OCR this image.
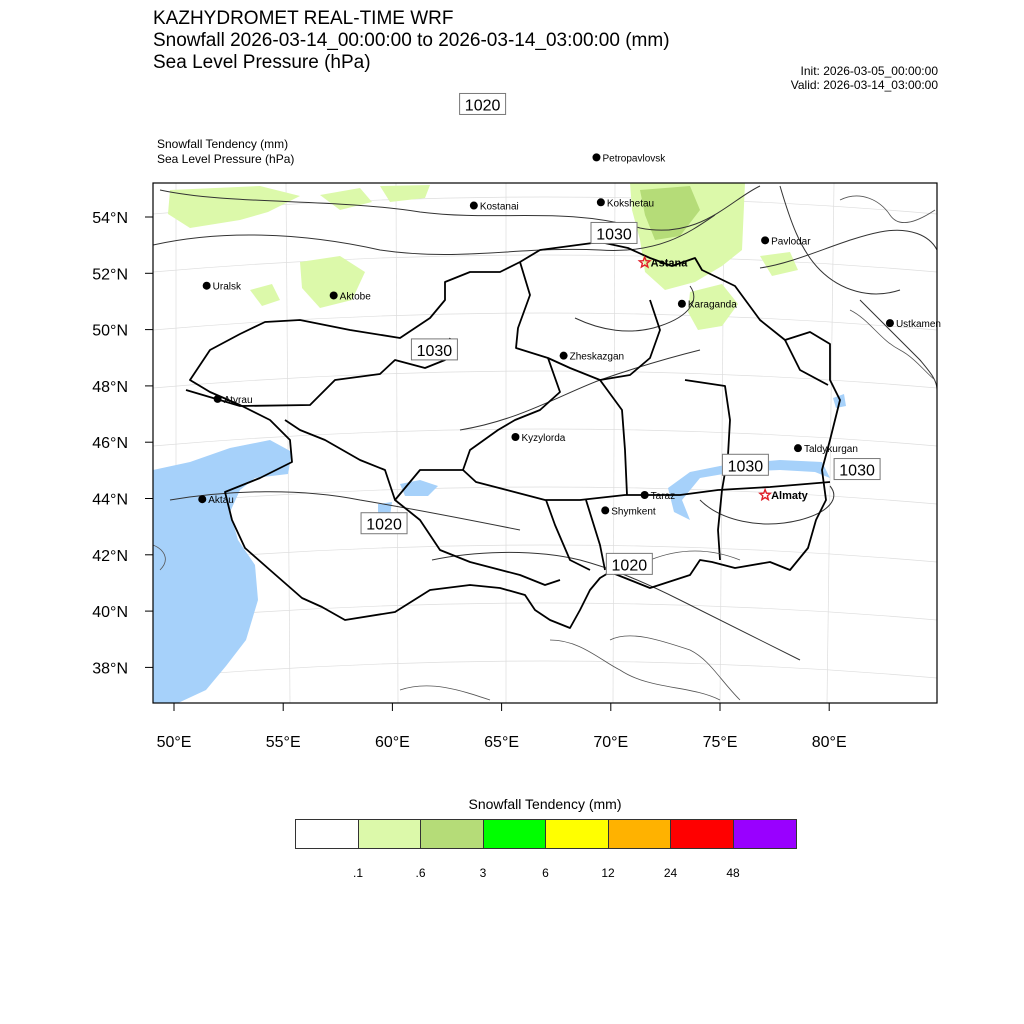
KAZHYDROMET REAL-TIME WRF
Snowfall 2026-03-14_00:00:00 to 2026-03-14_03:00:00 (mm)
Sea Level Pressure (hPa)	Init: 2026-03-05_00:00:00
Valid: 2026-03-14_03:00:00
Snowfall Tendency (mm)
Sea Level Pressure (hPa)
54°N
52°N
50°N
48°N
46°N
44°N
42°N
40°N
38°N
50°E	55°E	60°E	65°E	70°E	75°E	80°E
1020
1030
1030
1030	1030
1020
1020
Petropavlovsk
Kostanai	Kokshetau
Uralsk
Pavlodar
Astana
Ustkamen
Aktobe
Karaganda
Atyrau
Zheskazgan
Taldykurgan
Aktau
Kyzylorda
Almaty
Taraz
Shymkent
Snowfall Tendency (mm)
.1	.6	3	6	12	24	48
